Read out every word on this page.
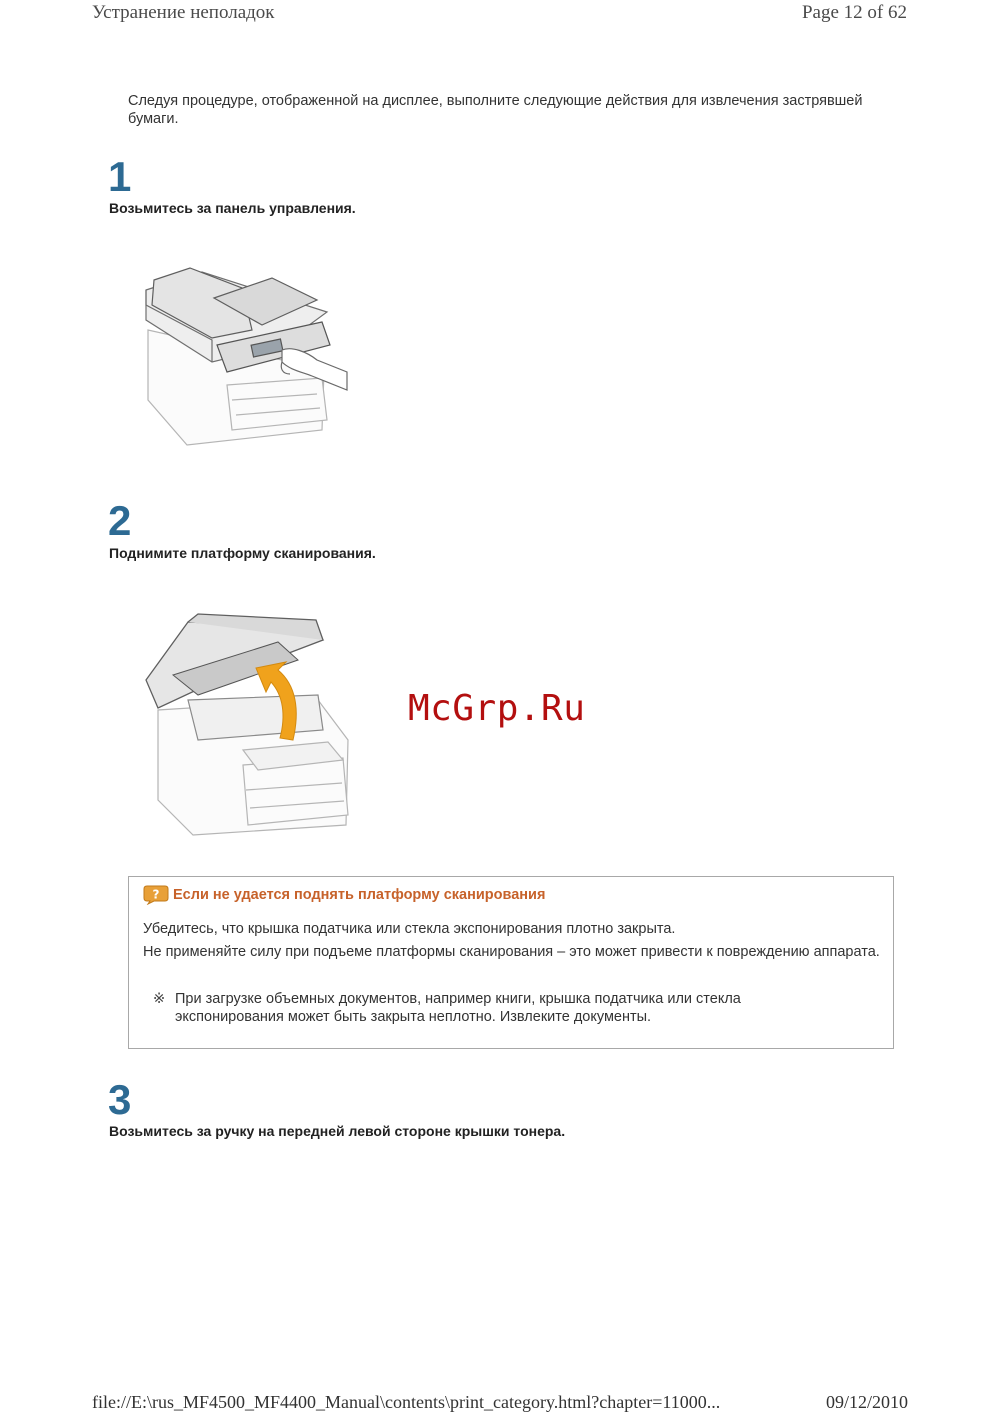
Устранение неполадок	Page 12 of 62
Следуя процедуре, отображенной на дисплее, выполните следующие действия для извлечения застрявшей бумаги.
1
Возьмитесь за панель управления.
2
Поднимите платформу сканирования.
McGrp.Ru
? Если не удается поднять платформу сканирования

Убедитесь, что крышка податчика или стекла экспонирования плотно закрыта.

Не применяйте силу при подъеме платформы сканирования – это может привести к повреждению аппарата.

※ При загрузке объемных документов, например книги, крышка податчика или стекла экспонирования может быть закрыта неплотно. Извлеките документы.
3
Возьмитесь за ручку на передней левой стороне крышки тонера.
file://E:\rus_MF4500_MF4400_Manual\contents\print_category.html?chapter=11000...	09/12/2010
